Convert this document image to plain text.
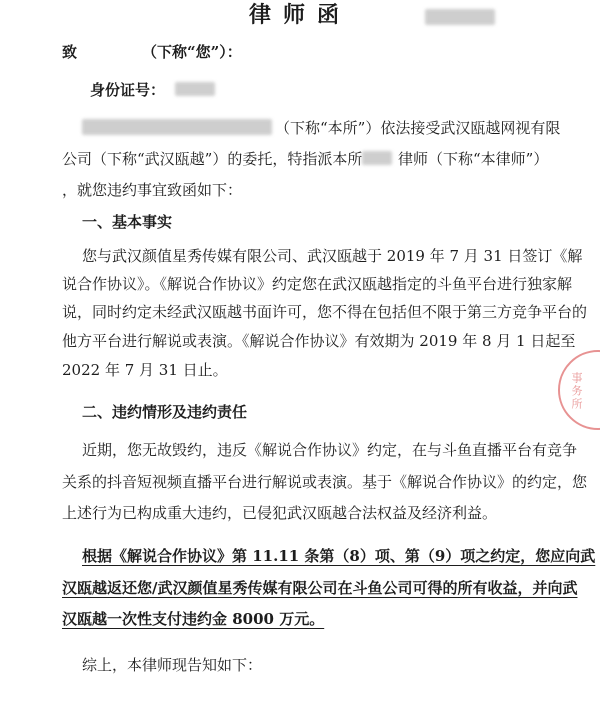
律师函
致	（下称“您”）：
身份证号：
（下称“本所”）依法接受武汉瓯越网视有限
公司（下称“武汉瓯越”）的委托，特指派本所 律师（下称“本律师”）
，就您违约事宜致函如下：
一、基本事实
您与武汉颜值星秀传媒有限公司、武汉瓯越于 2019 年 7 月 31 日签订《解
说合作协议》。《解说合作协议》约定您在武汉瓯越指定的斗鱼平台进行独家解
说，同时约定未经武汉瓯越书面许可，您不得在包括但不限于第三方竞争平台的
他方平台进行解说或表演。《解说合作协议》有效期为 2019 年 8 月 1 日起至
2022 年 7 月 31 日止。
二、违约情形及违约责任
近期，您无故毁约，违反《解说合作协议》约定，在与斗鱼直播平台有竞争
关系的抖音短视频直播平台进行解说或表演。基于《解说合作协议》的约定，您
上述行为已构成重大违约，已侵犯武汉瓯越合法权益及经济利益。
根据《解说合作协议》第 11.11 条第（8）项、第（9）项之约定，您应向武
汉瓯越返还您/武汉颜值星秀传媒有限公司在斗鱼公司可得的所有收益，并向武
汉瓯越一次性支付违约金 8000 万元。
综上，本律师现告知如下：
事务所
